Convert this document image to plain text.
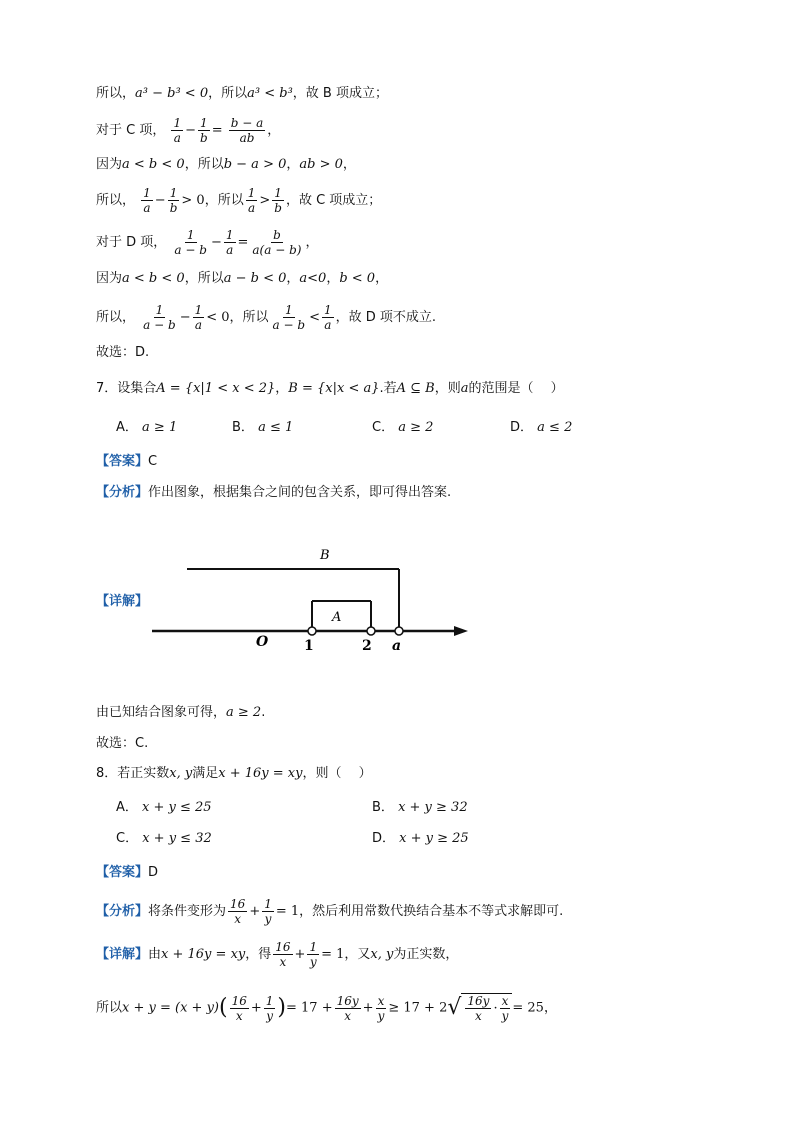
所以，a³ − b³ < 0，所以a³ < b³，故 B 项成立；
对于 C 项， $\frac{1}{a} - \frac{1}{b} = \frac{b - a}{ab}$ ，
因为a < b < 0，所以b − a > 0，ab > 0，
所以， $\frac{1}{a} - \frac{1}{b} > 0$，所以 $\frac{1}{a} > \frac{1}{b}$ ，故 C 项成立；
对于 D 项， $\frac{1}{a - b} - \frac{1}{a} = \frac{b}{a(a - b)}$ ，
因为a < b < 0，所以a − b < 0，a<0，b < 0，
所以， $\frac{1}{a - b} - \frac{1}{a} < 0$，所以 $\frac{1}{a - b} < \frac{1}{a}$ ，故 D 项不成立.
故选：D.
7．设集合A = {x|1 < x < 2}，B = {x|x < a}.若A ⊆ B，则a的范围是（　 ）
A． a ≥ 1	B． a ≤ 1	C． a ≥ 2	D． a ≤ 2
【答案】C
【分析】作出图象，根据集合之间的包含关系，即可得出答案.
【详解】
B
A
O	1	2 a
由已知结合图象可得，a ≥ 2.
故选：C.
8．若正实数x, y满足x + 16y = xy，则（　 ）
A． x + y ≤ 25	B． x + y ≥ 32
C． x + y ≤ 32	D． x + y ≥ 25
【答案】D
【分析】将条件变形为 $\frac{16}{x} + \frac{1}{y} = 1$，然后利用常数代换结合基本不等式求解即可.
【详解】由x + 16y = xy，得 $\frac{16}{x} + \frac{1}{y} = 1$，又x, y为正实数，
所以$x + y = (x + y)( \frac{16}{x} + \frac{1}{y}$ )= $17 + \frac{16y}{x} + \frac{x}{y} \ge 17 + 2$ √ $\frac{16y}{x} \cdot \frac{x}{y} = 25$，
